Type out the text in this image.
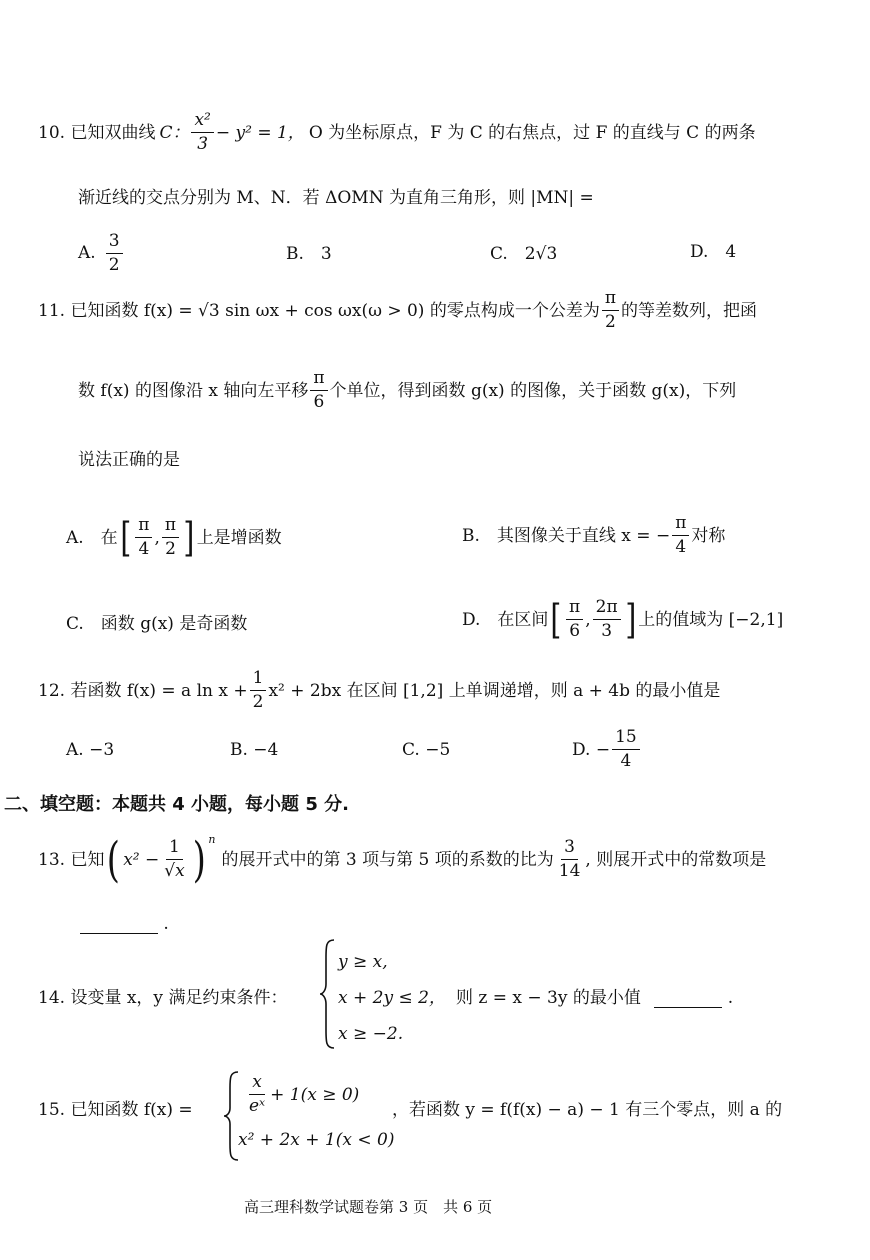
10. 已知双曲线 C： $\frac{\text{x²}}{3} - y^2 = 1$， O 为坐标原点，F 为 C 的右焦点，过 F 的直线与 C 的两条
渐近线的交点分别为 M、N．若 ΔOMN 为直角三角形，则 |MN| =
A. $\frac{3}{2}$	B.　3	C.　2√3	D.　4
11. 已知函数 f(x) = √3 sin ωx + cos ωx(ω > 0) 的零点构成一个公差为 $\frac{\pi}{2}$ 的等差数列，把函
数 f(x) 的图像沿 x 轴向左平移 $\frac{\pi}{6}$ 个单位，得到函数 g(x) 的图像，关于函数 g(x)，下列
说法正确的是
A.　在 [ $\frac{\pi}{4}$ , $\frac{\pi}{2}$ ] 上是增函数	B.　其图像关于直线 x = − $\frac{\pi}{4}$ 对称
C.　函数 g(x) 是奇函数	D.　在区间 [ $\frac{\pi}{6}$ , $\frac{2\pi}{3}$ ] 上的值域为 [−2,1]
12. 若函数 f(x) = a $\ln x + \frac{1}{2} x^2 + 2bx$ 在区间 [1,2] 上单调递增，则 a + 4b 的最小值是
A. −3	B. −4	C. −5	D. − $\frac{15}{4}$
二、填空题：本题共 4 小题，每小题 5 分.
13. 已知 ( $x^2 - \frac{1}{√x}$ ) $^n$
的展开式中的第 3 项与第 5 项的系数的比为 $\frac{3}{14}$ , 则展开式中的常数项是
.
14. 设变量 x，y 满足约束条件：
y ≥ x,
x + 2y ≤ 2，
x ≥ −2.
则 z = x − 3y 的最小值	.
15. 已知函数 f(x) =	$\frac{x}{\text{eˣ}} + 1(x \ge 0)$
x² + 2x + 1(x < 0)
，若函数 y = f(f(x) − a) − 1 有三个零点，则 a 的
高三理科数学试题卷第 3 页　共 6 页
